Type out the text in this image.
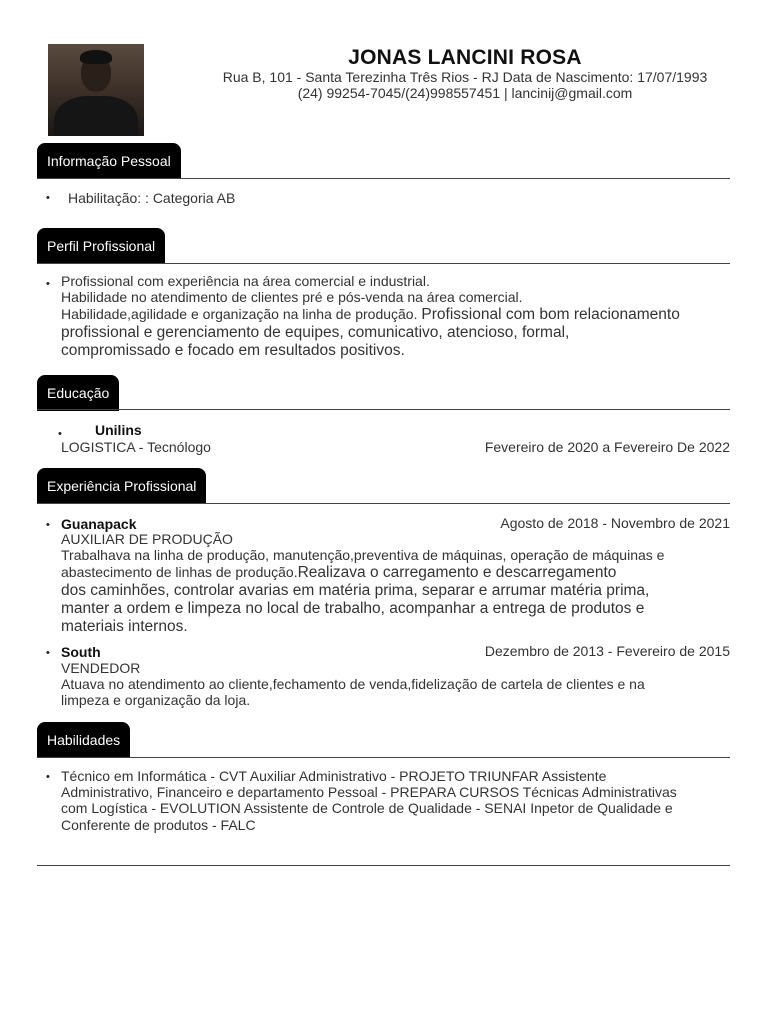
JONAS LANCINI ROSA

Rua B, 101 - Santa Terezinha Três Rios - RJ Data de Nascimento: 17/07/1993

(24) 99254-7045/(24)998557451 | lancinij@gmail.com

Informação Pessoal
• Habilitação: : Categoria AB

Perfil Profissional
• Profissional com experiência na área comercial e industrial.

Habilidade no atendimento de clientes pré e pós-venda na área comercial.

Habilidade,agilidade e organização na linha de produção. Profissional com bom relacionamento

profissional e gerenciamento de equipes, comunicativo, atencioso, formal,

compromissado e focado em resultados positivos.

Educação
• Unilins

LOGISTICA - Tecnólogo	Fevereiro de 2020 a Fevereiro De 2022

Experiência Profissional
• Guanapack	Agosto de 2018 - Novembro de 2021

AUXILIAR DE PRODUÇÃO

Trabalhava na linha de produção, manutenção,preventiva de máquinas, operação de máquinas e

abastecimento de linhas de produção.Realizava o carregamento e descarregamento

dos caminhões, controlar avarias em matéria prima, separar e arrumar matéria prima,

manter a ordem e limpeza no local de trabalho, acompanhar a entrega de produtos e

materiais internos.

• South	Dezembro de 2013 - Fevereiro de 2015

VENDEDOR

Atuava no atendimento ao cliente,fechamento de venda,fidelização de cartela de clientes e na

limpeza e organização da loja.

Habilidades
• Técnico em Informática - CVT Auxiliar Administrativo - PROJETO TRIUNFAR Assistente

Administrativo, Financeiro e departamento Pessoal - PREPARA CURSOS Técnicas Administrativas

com Logística - EVOLUTION Assistente de Controle de Qualidade - SENAI Inpetor de Qualidade e

Conferente de produtos - FALC
